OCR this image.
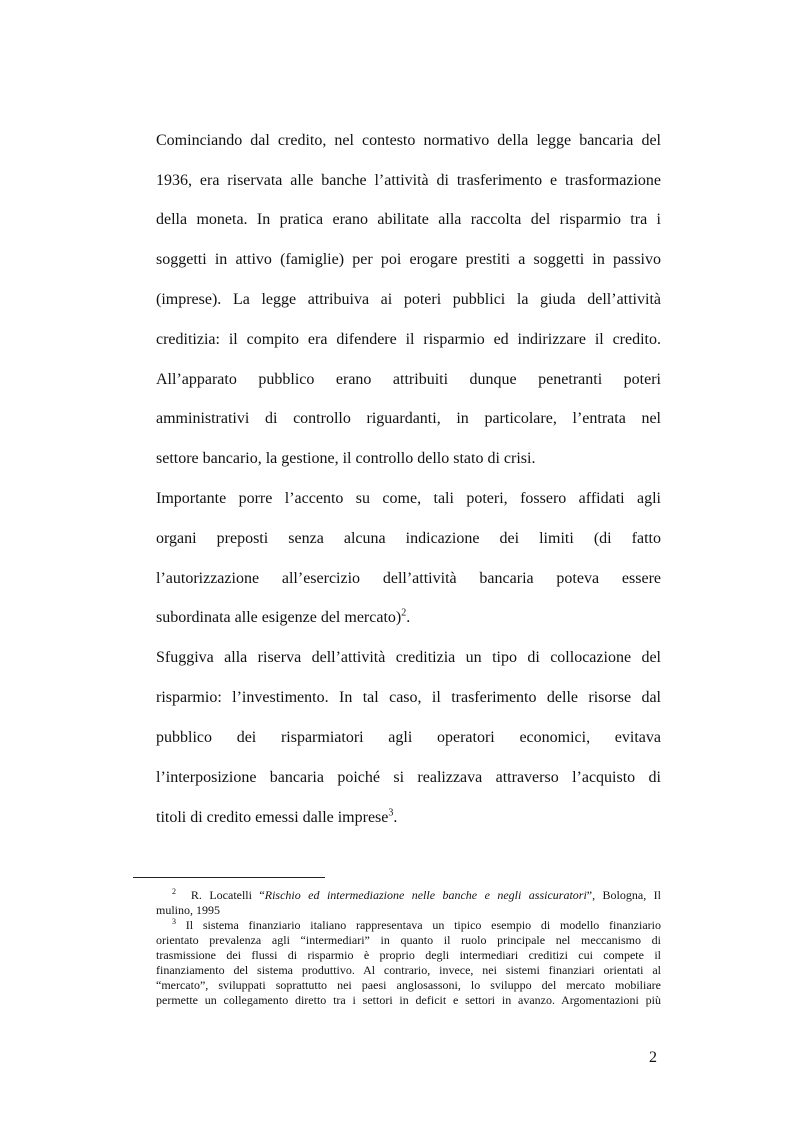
Cominciando dal credito, nel contesto normativo della legge bancaria del
1936, era riservata alle banche l’attività di trasferimento e trasformazione
della moneta. In pratica erano abilitate alla raccolta del risparmio tra i
soggetti in attivo (famiglie) per poi erogare prestiti a soggetti in passivo
(imprese). La legge attribuiva ai poteri pubblici la giuda dell’attività
creditizia: il compito era difendere il risparmio ed indirizzare il credito.
All’apparato pubblico erano attribuiti dunque penetranti poteri
amministrativi di controllo riguardanti, in particolare, l’entrata nel
settore bancario, la gestione, il controllo dello stato di crisi.
Importante porre l’accento su come, tali poteri, fossero affidati agli
organi preposti senza alcuna indicazione dei limiti (di fatto
l’autorizzazione all’esercizio dell’attività bancaria poteva essere
subordinata alle esigenze del mercato)$^2$.
Sfuggiva alla riserva dell’attività creditizia un tipo di collocazione del
risparmio: l’investimento. In tal caso, il trasferimento delle risorse dal
pubblico dei risparmiatori agli operatori economici, evitava
l’interposizione bancaria poiché si realizzava attraverso l’acquisto di
titoli di credito emessi dalle imprese$^3$.
$^2$ R. Locatelli “Rischio ed intermediazione nelle banche e negli assicuratori”, Bologna, Il
mulino, 1995
$^3$ Il sistema finanziario italiano rappresentava un tipico esempio di modello finanziario
orientato prevalenza agli “intermediari” in quanto il ruolo principale nel meccanismo di
trasmissione dei flussi di risparmio è proprio degli intermediari creditizi cui compete il
finanziamento del sistema produttivo. Al contrario, invece, nei sistemi finanziari orientati al
“mercato”, sviluppati soprattutto nei paesi anglosassoni, lo sviluppo del mercato mobiliare
permette un collegamento diretto tra i settori in deficit e settori in avanzo. Argomentazioni più
2
